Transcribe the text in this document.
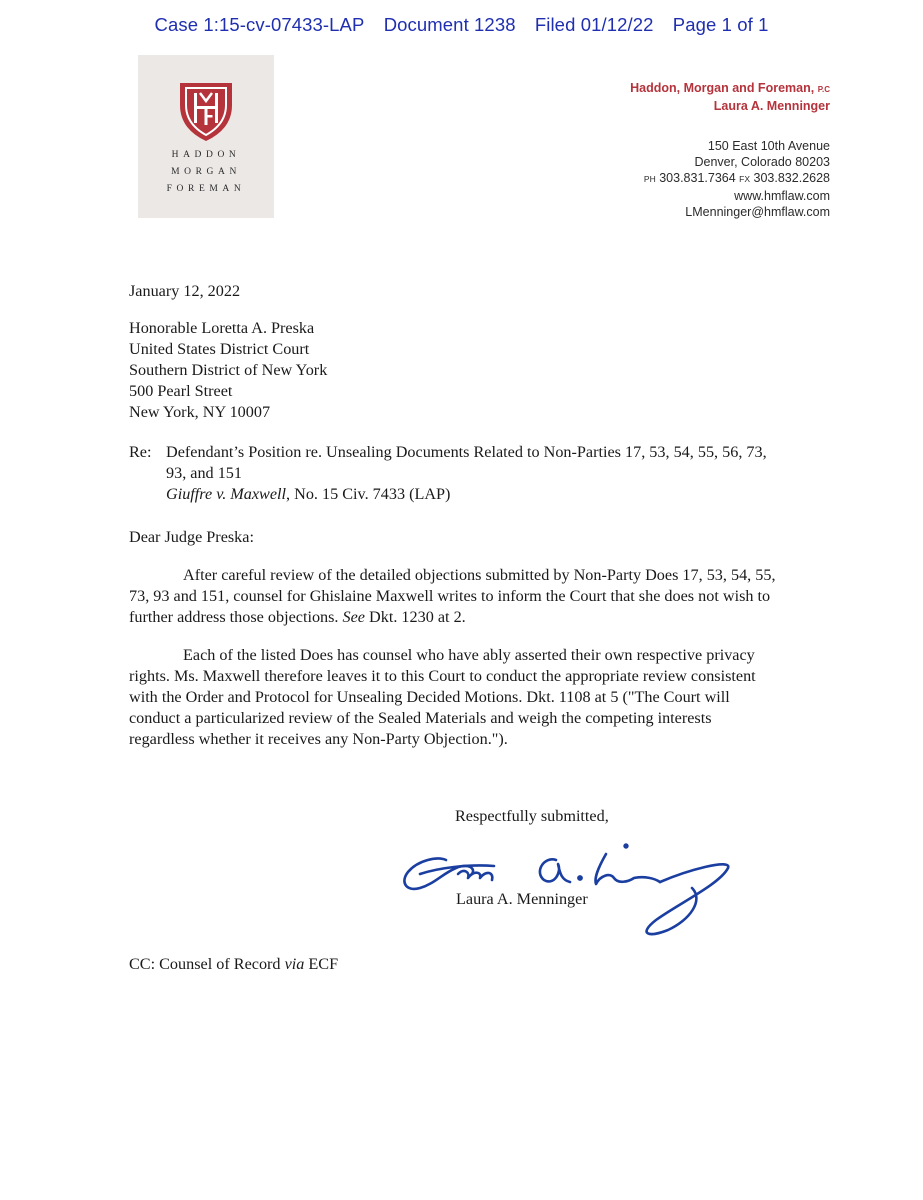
Case 1:15-cv-07433-LAP Document 1238 Filed 01/12/22 Page 1 of 1
HADDON
MORGAN
FOREMAN
Haddon, Morgan and Foreman, P.C
Laura A. Menninger
150 East 10th Avenue
Denver, Colorado 80203
PH 303.831.7364 FX 303.832.2628
www.hmflaw.com
LMenninger@hmflaw.com
January 12, 2022
Honorable Loretta A. Preska
United States District Court
Southern District of New York
500 Pearl Street
New York, NY 10007
Re: Defendant’s Position re. Unsealing Documents Related to Non-Parties 17, 53, 54, 55, 56, 73, 93, and 151
Giuffre v. Maxwell, No. 15 Civ. 7433 (LAP)
Dear Judge Preska:
After careful review of the detailed objections submitted by Non-Party Does 17, 53, 54, 55, 73, 93 and 151, counsel for Ghislaine Maxwell writes to inform the Court that she does not wish to further address those objections. See Dkt. 1230 at 2.
Each of the listed Does has counsel who have ably asserted their own respective privacy rights. Ms. Maxwell therefore leaves it to this Court to conduct the appropriate review consistent with the Order and Protocol for Unsealing Decided Motions. Dkt. 1108 at 5 ("The Court will conduct a particularized review of the Sealed Materials and weigh the competing interests regardless whether it receives any Non-Party Objection.").
Respectfully submitted,
Laura A. Menninger
CC: Counsel of Record via ECF
